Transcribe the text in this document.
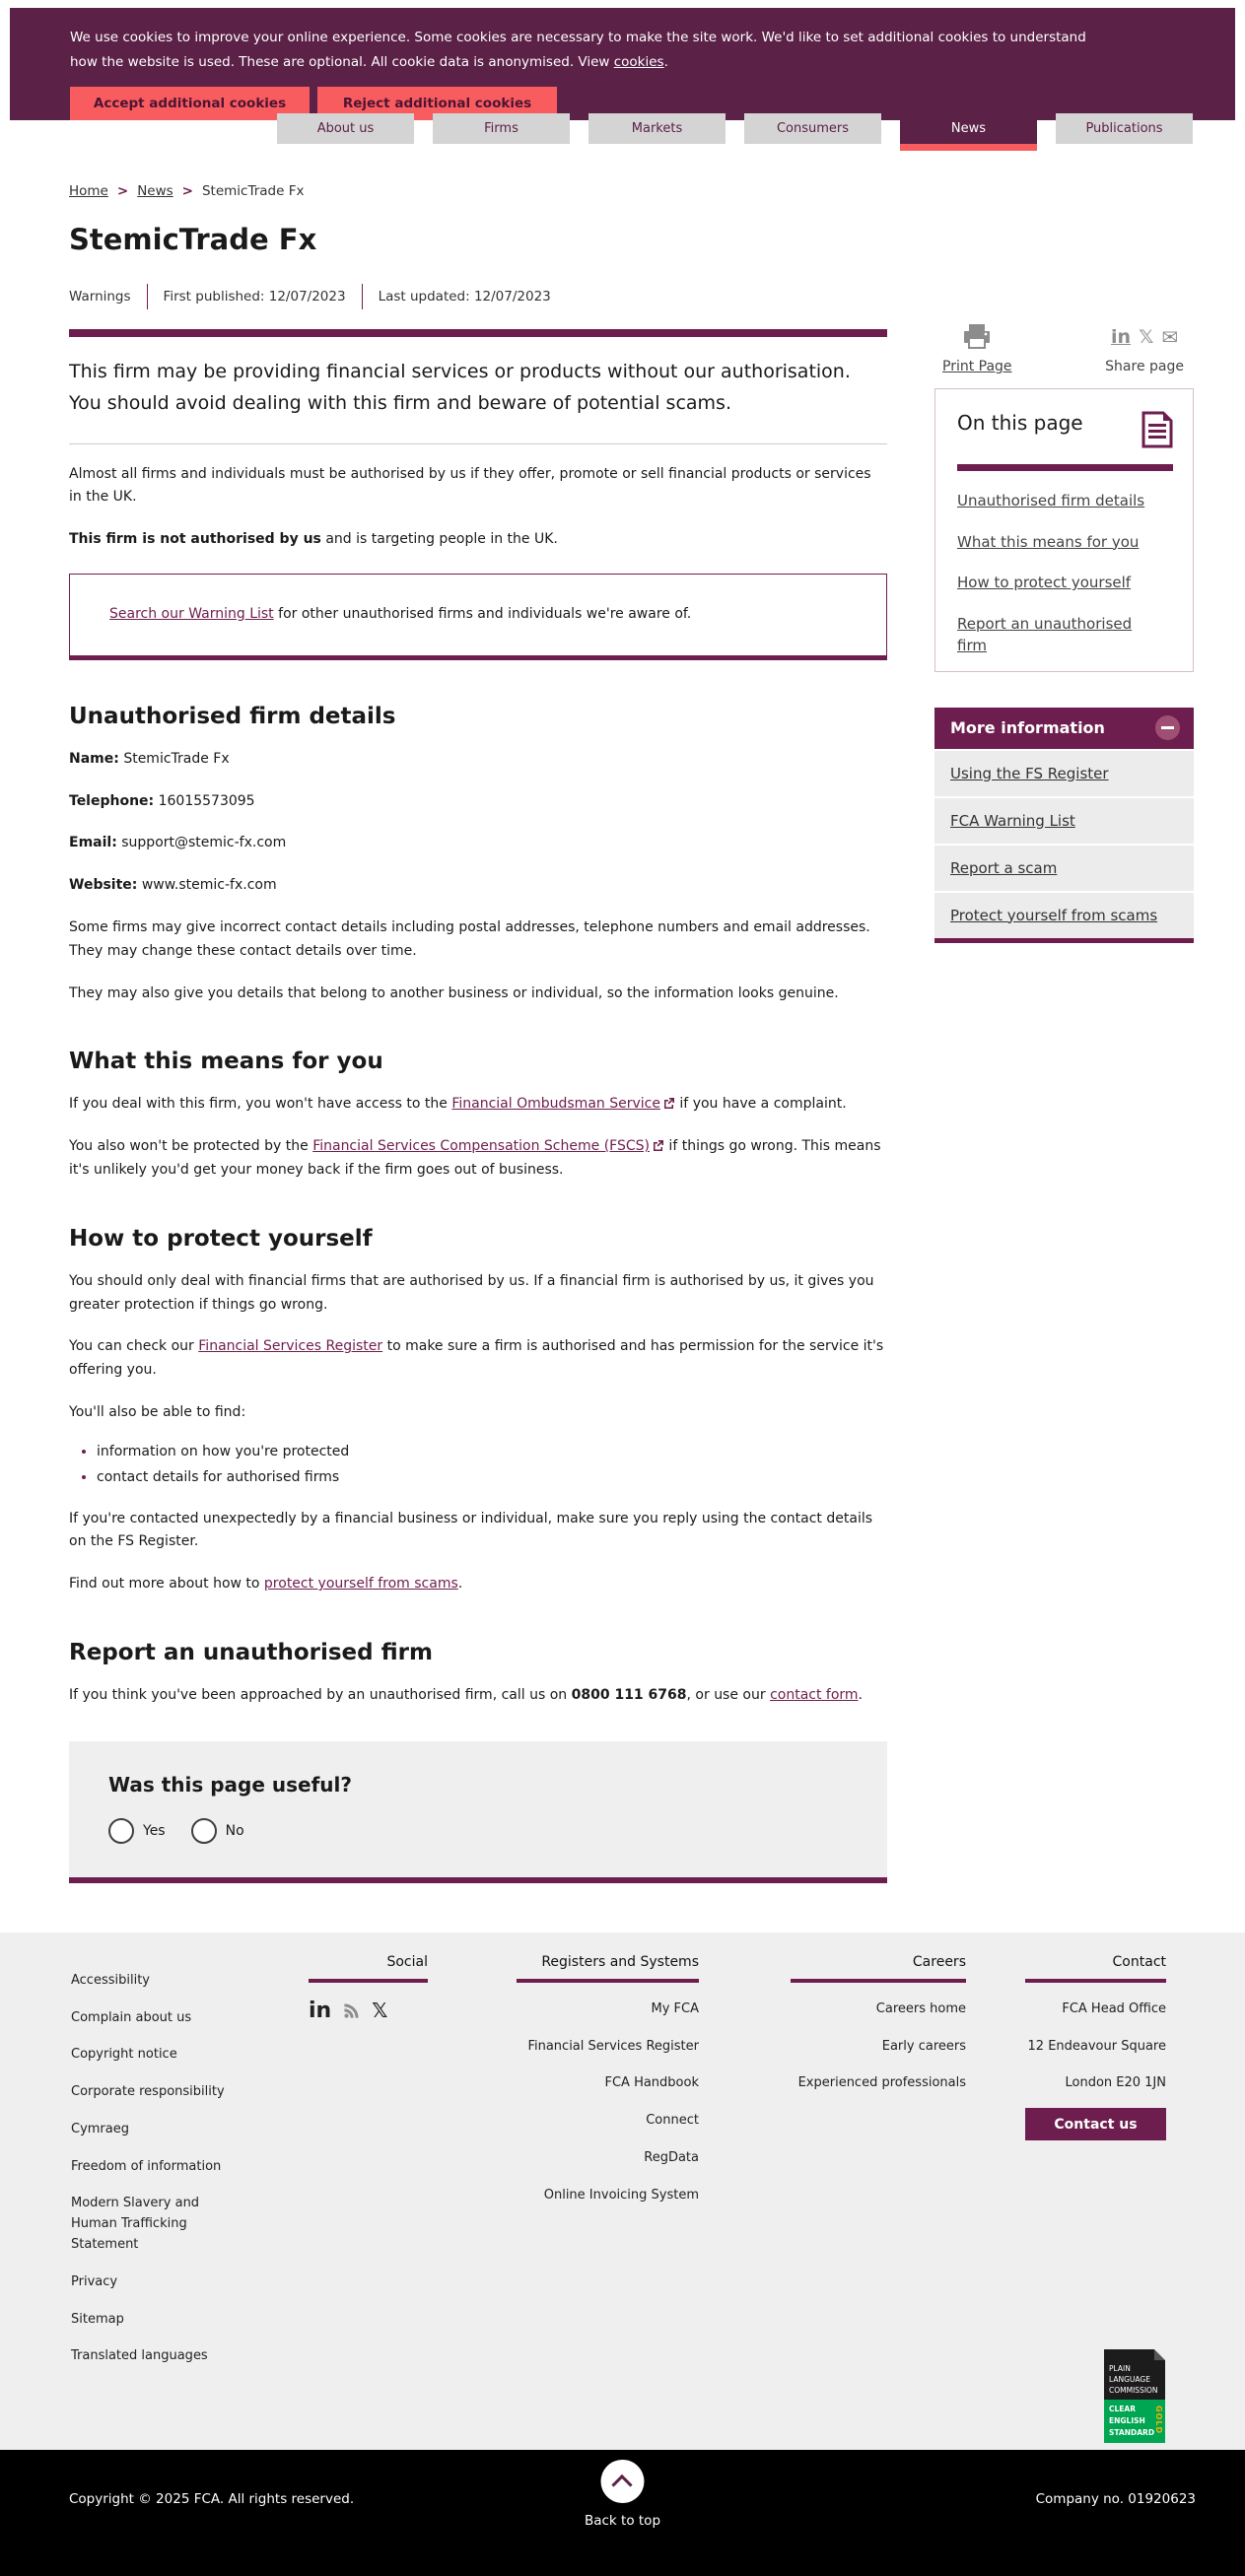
We use cookies to improve your online experience. Some cookies are necessary to make the site work. We'd like to set additional cookies to understand how the website is used. These are optional. All cookie data is anonymised. View cookies.

Accept additional cookies	Reject additional cookies
About us	Firms	Markets	Consumers	News	Publications
Home > News > StemicTrade Fx
StemicTrade Fx
Warnings First published: 12/07/2023 Last updated: 12/07/2023

This firm may be providing financial services or products without our authorisation. You should avoid dealing with this firm and beware of potential scams.

Almost all firms and individuals must be authorised by us if they offer, promote or sell financial products or services in the UK.

This firm is not authorised by us and is targeting people in the UK.

Search our Warning List for other unauthorised firms and individuals we're aware of.

Unauthorised firm details

Name: StemicTrade Fx

Telephone: 16015573095

Email: support@stemic-fx.com

Website: www.stemic-fx.com

Some firms may give incorrect contact details including postal addresses, telephone numbers and email addresses. They may change these contact details over time.

They may also give you details that belong to another business or individual, so the information looks genuine.

What this means for you

If you deal with this firm, you won't have access to the Financial Ombudsman Service
if you have a complaint.

You also won't be protected by the Financial Services Compensation Scheme (FSCS)
if things go wrong. This means it's unlikely you'd get your money back if the firm goes out of business.

How to protect yourself

You should only deal with financial firms that are authorised by us. If a financial firm is authorised by us, it gives you greater protection if things go wrong.

You can check our Financial Services Register to make sure a firm is authorised and has permission for the service it's offering you.

You'll also be able to find:

• information on how you're protected
• contact details for authorised firms

If you're contacted unexpectedly by a financial business or individual, make sure you reply using the contact details on the FS Register.

Find out more about how to protect yourself from scams.

Report an unauthorised firm

If you think you've been approached by an unauthorised firm, call us on 0800 111 6768, or use our contact form.

Was this page useful?
Yes	No
Print Page
in 𝕏 ✉
Share page
On this page
Unauthorised firm details
What this means for you
How to protect yourself
Report an unauthorised firm
More information
Using the FS Register
FCA Warning List
Report a scam
Protect yourself from scams
Accessibility
Complain about us
Copyright notice
Corporate responsibility
Cymraeg
Freedom of information
Modern Slavery and Human Trafficking Statement
Privacy
Sitemap
Translated languages
Social
in 𝕏
Registers and Systems
My FCA
Financial Services Register
FCA Handbook
Connect
RegData
Online Invoicing System
Careers
Careers home
Early careers
Experienced professionals
Contact
FCA Head Office
12 Endeavour Square
London E20 1JN
Contact us
PLAIN
LANGUAGE
COMMISSION
GOLD
CLEAR
ENGLISH
STANDARD
Copyright © 2025 FCA. All rights reserved.
Back to top
Company no. 01920623
